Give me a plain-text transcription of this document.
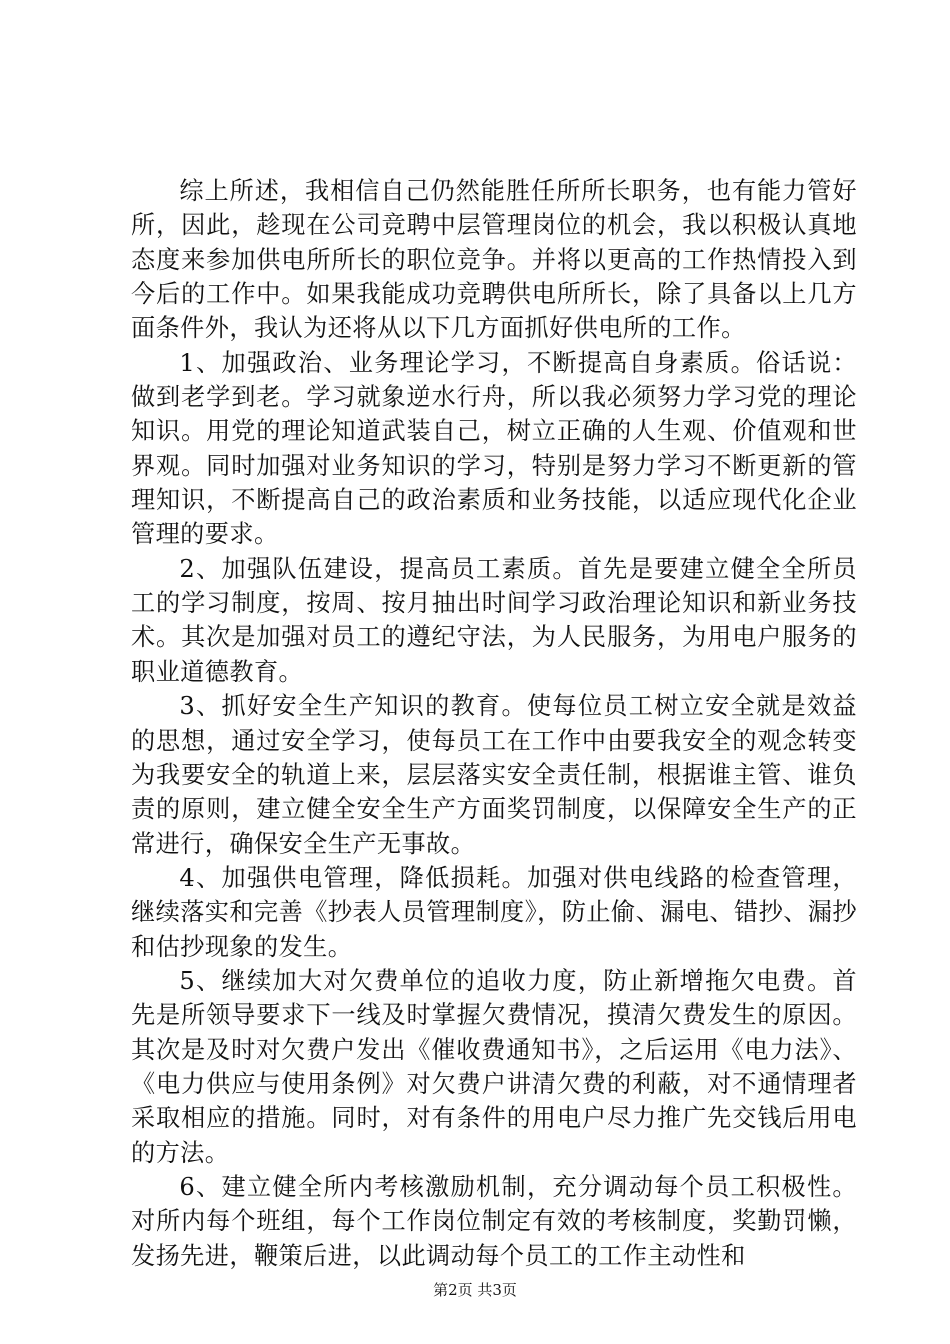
综上所述，我相信自己仍然能胜任所所长职务，也有能力管好所，因此，趁现在公司竞聘中层管理岗位的机会，我以积极认真地态度来参加供电所所长的职位竞争。并将以更高的工作热情投入到今后的工作中。如果我能成功竞聘供电所所长，除了具备以上几方面条件外，我认为还将从以下几方面抓好供电所的工作。

1、加强政治、业务理论学习，不断提高自身素质。俗话说：做到老学到老。学习就象逆水行舟，所以我必须努力学习党的理论知识。用党的理论知道武装自己，树立正确的人生观、价值观和世界观。同时加强对业务知识的学习，特别是努力学习不断更新的管理知识，不断提高自己的政治素质和业务技能，以适应现代化企业管理的要求。

2、加强队伍建设，提高员工素质。首先是要建立健全全所员工的学习制度，按周、按月抽出时间学习政治理论知识和新业务技术。其次是加强对员工的遵纪守法，为人民服务，为用电户服务的职业道德教育。

3、抓好安全生产知识的教育。使每位员工树立安全就是效益的思想，通过安全学习，使每员工在工作中由要我安全的观念转变为我要安全的轨道上来，层层落实安全责任制，根据谁主管、谁负责的原则，建立健全安全生产方面奖罚制度，以保障安全生产的正常进行，确保安全生产无事故。

4、加强供电管理，降低损耗。加强对供电线路的检查管理，继续落实和完善《抄表人员管理制度》，防止偷、漏电、错抄、漏抄和估抄现象的发生。

5、继续加大对欠费单位的追收力度，防止新增拖欠电费。首先是所领导要求下一线及时掌握欠费情况，摸清欠费发生的原因。其次是及时对欠费户发出《催收费通知书》，之后运用《电力法》、《电力供应与使用条例》对欠费户讲清欠费的利蔽，对不通情理者采取相应的措施。同时，对有条件的用电户尽力推广先交钱后用电的方法。

6、建立健全所内考核激励机制，充分调动每个员工积极性。对所内每个班组，每个工作岗位制定有效的考核制度，奖勤罚懒，发扬先进，鞭策后进，以此调动每个员工的工作主动性和

第2页 共3页
